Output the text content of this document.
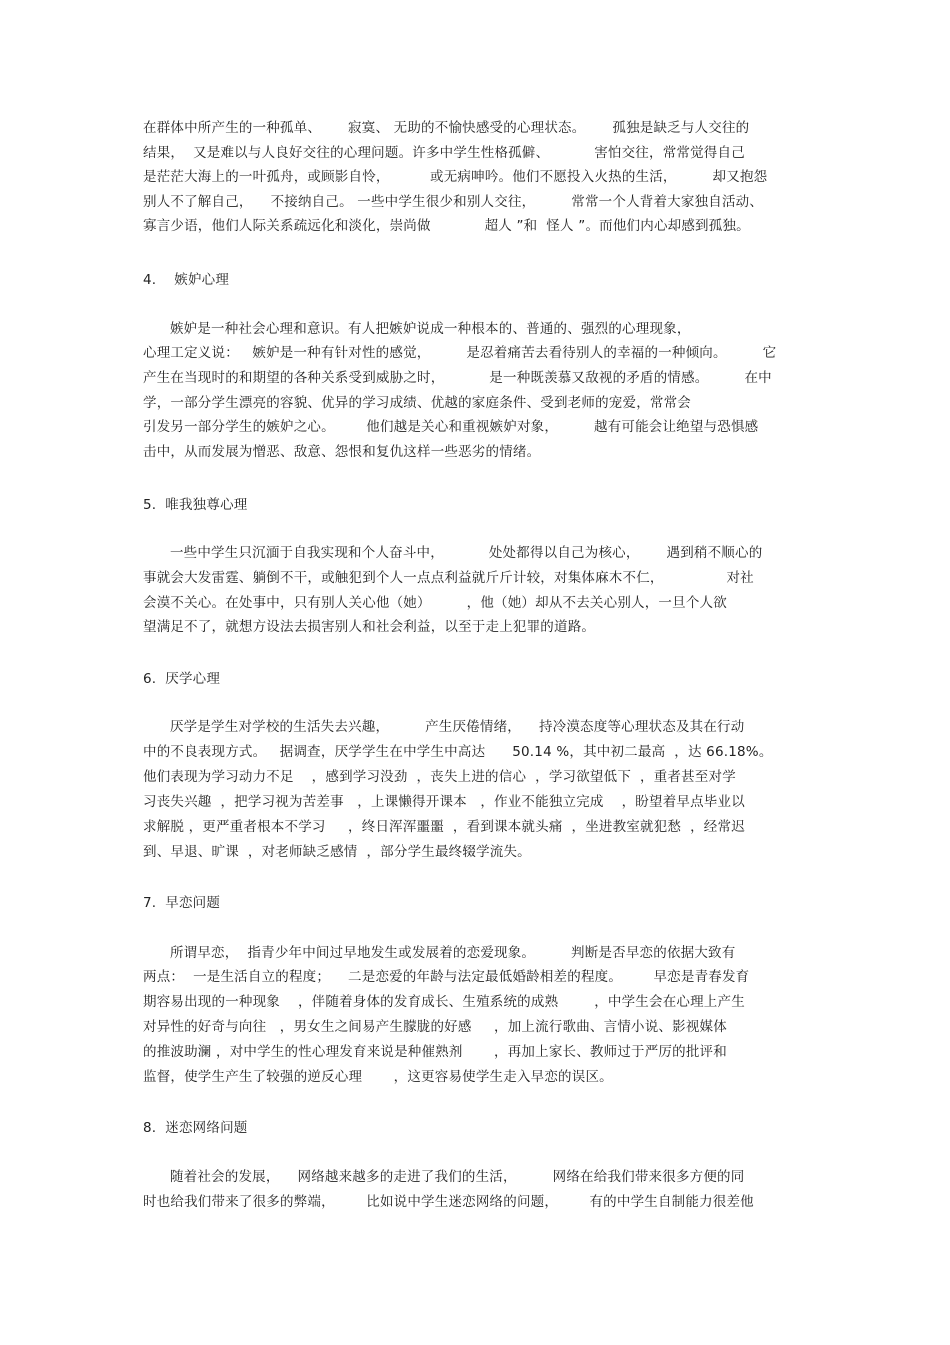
在群体中所产生的一种孤单、      寂寞、 无助的不愉快感受的心理状态。      孤独是缺乏与人交往的
结果，  又是难以与人良好交往的心理问题。许多中学生性格孤僻、          害怕交往，常常觉得自己
是茫茫大海上的一叶孤舟，或顾影自怜，         或无病呻吟。他们不愿投入火热的生活，        却又抱怨
别人不了解自己，    不接纳自己。 一些中学生很少和别人交往，        常常一个人背着大家独自活动、
寡言少语，他们人际关系疏远化和淡化，崇尚做            超人 ”和  怪人 ”。而他们内心却感到孤独。
4.    嫉妒心理
嫉妒是一种社会心理和意识。有人把嫉妒说成一种根本的、普通的、强烈的心理现象，
心理工定义说：   嫉妒是一种有针对性的感觉，        是忍着痛苦去看待别人的幸福的一种倾向。        它
产生在当现时的和期望的各种关系受到威胁之时，          是一种既羡慕又敌视的矛盾的情感。        在中
学，一部分学生漂亮的容貌、优异的学习成绩、优越的家庭条件、受到老师的宠爱，常常会
引发另一部分学生的嫉妒之心。       他们越是关心和重视嫉妒对象，        越有可能会让绝望与恐惧感
击中，从而发展为憎恶、敌意、怨恨和复仇这样一些恶劣的情绪。
5.  唯我独尊心理
一些中学生只沉湎于自我实现和个人奋斗中，          处处都得以自己为核心，      遇到稍不顺心的
事就会大发雷霆、躺倒不干，或触犯到个人一点点利益就斤斤计较，对集体麻木不仁，              对社
会漠不关心。在处事中，只有别人关心他（她）        ，他（她）却从不去关心别人，一旦个人欲
望满足不了，就想方设法去损害别人和社会利益，以至于走上犯罪的道路。
6.  厌学心理
厌学是学生对学校的生活失去兴趣，        产生厌倦情绪，    持冷漠态度等心理状态及其在行动
中的不良表现方式。   据调查，厌学学生在中学生中高达      50.14 %，其中初二最高  ，达 66.18%。
他们表现为学习动力不足    ，感到学习没劲  ，丧失上进的信心  ，学习欲望低下  ，重者甚至对学
习丧失兴趣  ，把学习视为苦差事   ，上课懒得开课本   ，作业不能独立完成    ，盼望着早点毕业以
求解脱 ，更严重者根本不学习     ，终日浑浑噩噩  ，看到课本就头痛  ，坐进教室就犯愁  ，经常迟
到、早退、旷课  ，对老师缺乏感情  ，部分学生最终辍学流失。
7.  早恋问题
所谓早恋，  指青少年中间过早地发生或发展着的恋爱现象。        判断是否早恋的依据大致有
两点：  一是生活自立的程度；    二是恋爱的年龄与法定最低婚龄相差的程度。       早恋是青春发育
期容易出现的一种现象    ，伴随着身体的发育成长、生殖系统的成熟        ，中学生会在心理上产生
对异性的好奇与向往   ，男女生之间易产生朦胧的好感     ，加上流行歌曲、言情小说、影视媒体
的推波助澜 ，对中学生的性心理发育来说是种催熟剂       ，再加上家长、教师过于严厉的批评和
监督，使学生产生了较强的逆反心理       ，这更容易使学生走入早恋的误区。
8.  迷恋网络问题
随着社会的发展，    网络越来越多的走进了我们的生活，        网络在给我们带来很多方便的同
时也给我们带来了很多的弊端，       比如说中学生迷恋网络的问题，       有的中学生自制能力很差他
